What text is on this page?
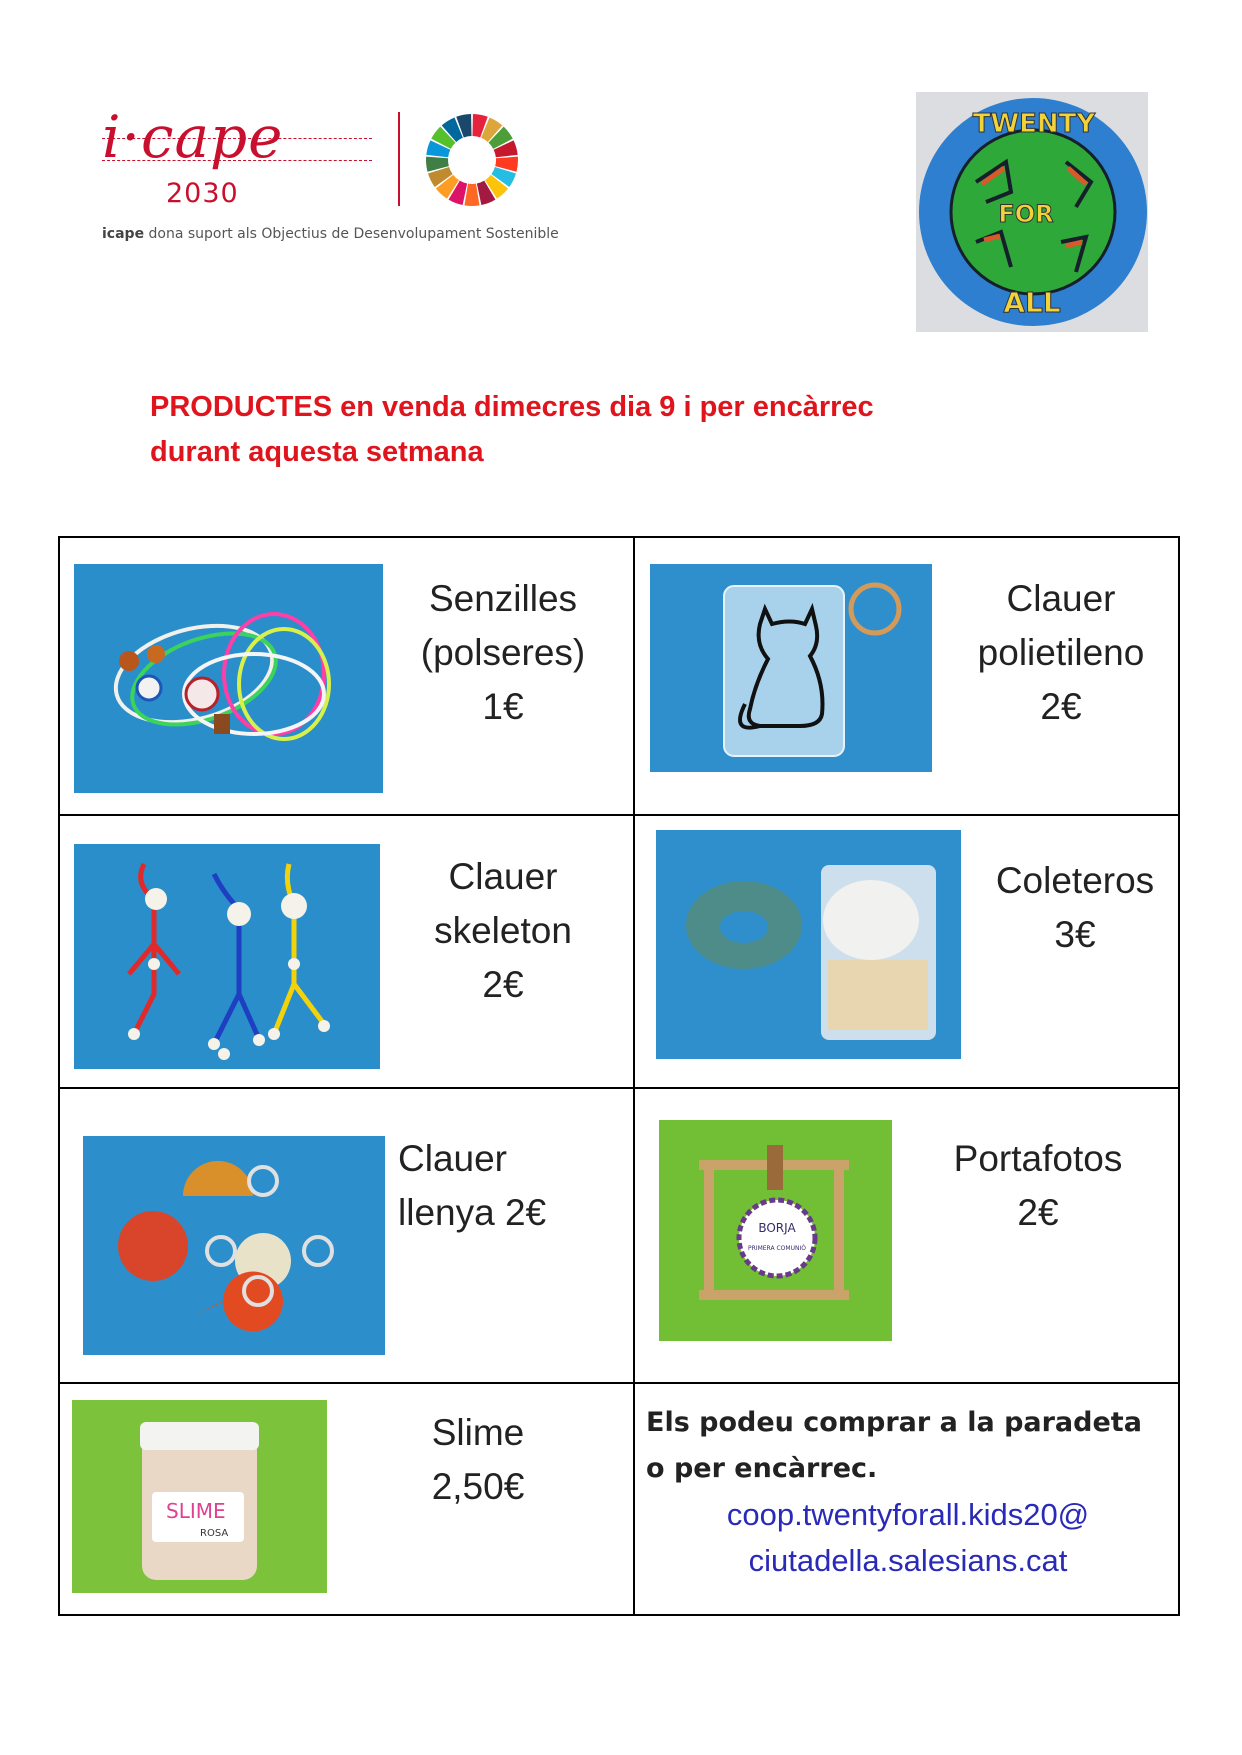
i·cape
2030
icape dona suport als Objectius de Desenvolupament Sostenible
TWENTY
FOR
ALL
PRODUCTES en venda dimecres dia 9 i per encàrrec
durant aquesta setmana
Senzilles
(polseres)
1€
Clauer
polietileno
2€
Clauer
skeleton
2€
Coleteros
3€
Clauer
llenya 2€	BORJA
PRIMERA COMUNIÓ
Portafotos
2€
SLIME
ROSA
Slime
2,50€
Els podeu comprar a la paradeta
o per encàrrec.
coop.twentyforall.kids20@
ciutadella.salesians.cat
